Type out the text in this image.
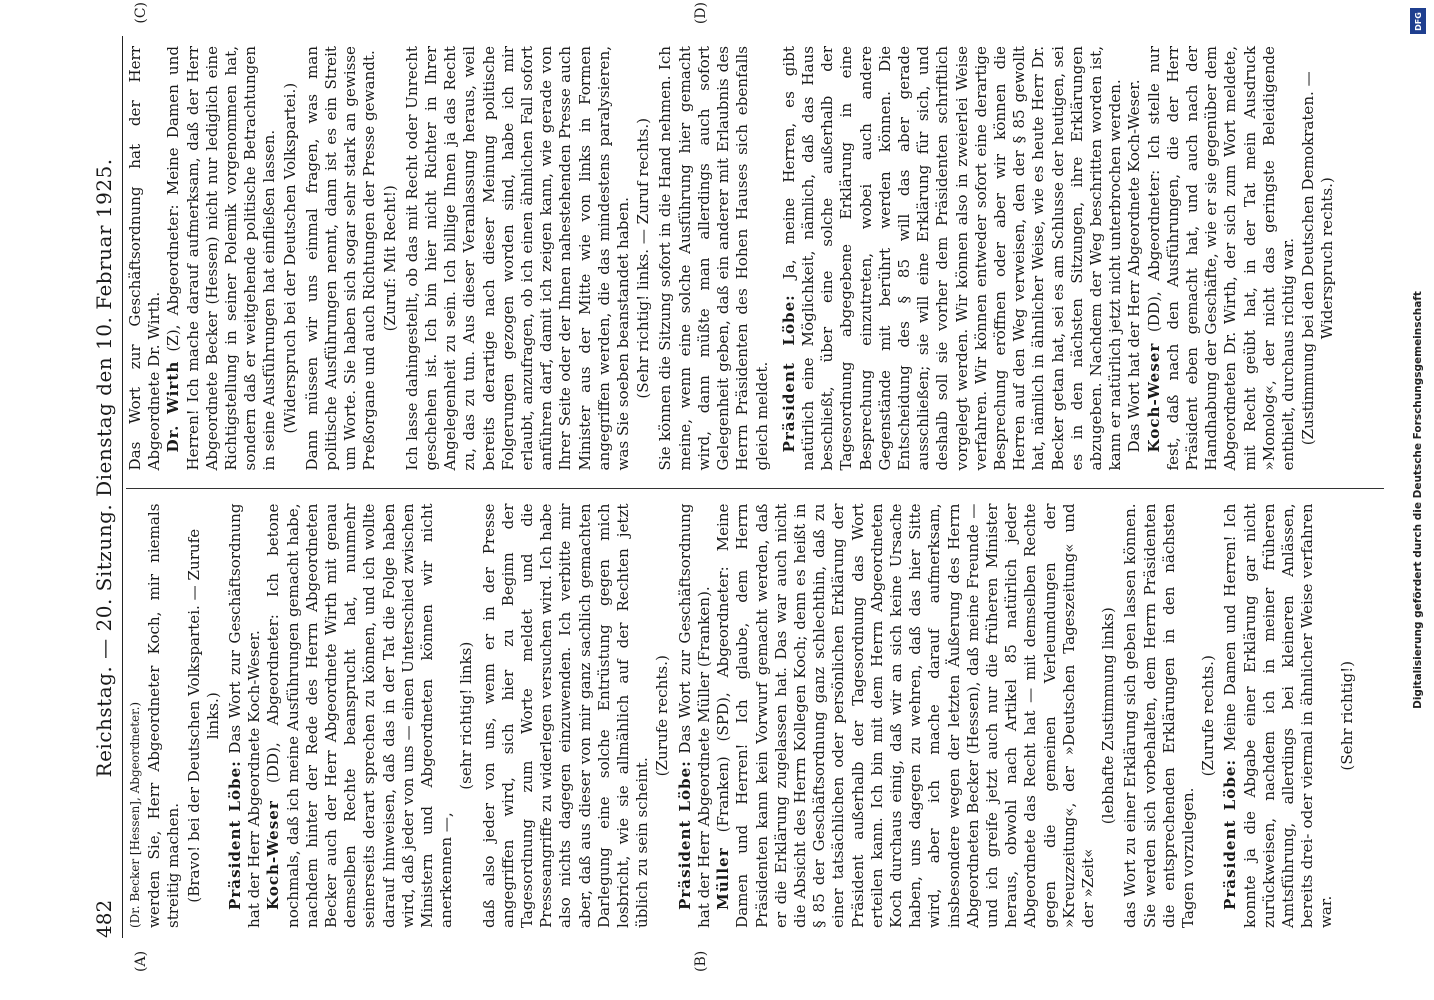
482
Reichstag. — 20. Sitzung. Dienstag den 10. Februar 1925.
(A)	(B)

(Dr. Becker [Hessen], Abgeordneter.) werden Sie, Herr Abgeordneter Koch, mir niemals streitig machen. (Bravo! bei der Deutschen Volkspartei. — Zurufe links.)

Präsident Löbe: Das Wort zur Geschäftsordnung hat der Herr Abgeordnete Koch-Weser. Koch-Weser (DD), Abgeordneter: Ich betone nochmals, daß ich meine Ausführungen gemacht habe, nachdem hinter der Rede des Herrn Abgeordneten Becker auch der Herr Abgeordnete Wirth mit genau demselben Rechte beansprucht hat, nunmehr seinerseits derart sprechen zu können, und ich wollte darauf hinweisen, daß das in der Tat die Folge haben wird, daß jeder von uns — einen Unterschied zwischen Ministern und Abgeordneten können wir nicht anerkennen —,

(sehr richtig! links) daß also jeder von uns, wenn er in der Presse angegriffen wird, sich hier zu Beginn der Tagesordnung zum Worte meldet und die Presseangriffe zu widerlegen versuchen wird. Ich habe also nichts dagegen einzuwenden. Ich verbitte mir aber, daß aus dieser von mir ganz sachlich gemachten Darlegung eine solche Entrüstung gegen mich losbricht, wie sie allmählich auf der Rechten jetzt üblich zu sein scheint.

(Zurufe rechts.)

Präsident Löbe: Das Wort zur Geschäftsordnung hat der Herr Abgeordnete Müller (Franken). Müller (Franken) (SPD), Abgeordneter: Meine Damen und Herren! Ich glaube, dem Herrn Präsidenten kann kein Vorwurf gemacht werden, daß er die Erklärung zugelassen hat. Das war auch nicht die Absicht des Herrn Kollegen Koch; denn es heißt in § 85 der Geschäftsordnung ganz schlechthin, daß zu einer tatsächlichen oder persönlichen Erklärung der Präsident außerhalb der Tagesordnung das Wort erteilen kann. Ich bin mit dem Herrn Abgeordneten Koch durchaus einig, daß wir an sich keine Ursache haben, uns dagegen zu wehren, daß das hier Sitte wird, aber ich mache darauf aufmerksam, insbesondere wegen der letzten Äußerung des Herrn Abgeordneten Becker (Hessen), daß meine Freunde — und ich greife jetzt auch nur die früheren Minister heraus, obwohl nach Artikel 85 natürlich jeder Abgeordnete das Recht hat — mit demselben Rechte gegen die gemeinen Verleumdungen der »Kreuzzeitung«, der »Deutschen Tageszeitung« und der »Zeit«

(lebhafte Zustimmung links) das Wort zu einer Erklärung sich geben lassen können. Sie werden sich vorbehalten, dem Herrn Präsidenten die entsprechenden Erklärungen in den nächsten Tagen vorzulegen.

(Zurufe rechts.)

Präsident Löbe: Meine Damen und Herren! Ich konnte ja die Abgabe einer Erklärung gar nicht zurückweisen, nachdem ich in meiner früheren Amtsführung, allerdings bei kleineren Anlässen, bereits drei- oder viermal in ähnlicher Weise verfahren war.

(Sehr richtig!)

(C)	(D)

Das Wort zur Geschäftsordnung hat der Herr Abgeordnete Dr. Wirth. Dr. Wirth (Z), Abgeordneter: Meine Damen und Herren! Ich mache darauf aufmerksam, daß der Herr Abgeordnete Becker (Hessen) nicht nur lediglich eine Richtigstellung in seiner Polemik vorgenommen hat, sondern daß er weitgehende politische Betrachtungen in seine Ausführungen hat einfließen lassen. (Widerspruch bei der Deutschen Volkspartei.) Dann müssen wir uns einmal fragen, was man politische Ausführungen nennt, dann ist es ein Streit um Worte. Sie haben sich sogar sehr stark an gewisse Preßorgane und auch Richtungen der Presse gewandt. (Zuruf: Mit Recht!) Ich lasse dahingestellt, ob das mit Recht oder Unrecht geschehen ist. Ich bin hier nicht Richter in Ihrer Angelegenheit zu sein. Ich billige Ihnen ja das Recht zu, das zu tun. Aus dieser Veranlassung heraus, weil bereits derartige nach dieser Meinung politische Folgerungen gezogen worden sind, habe ich mir erlaubt, anzufragen, ob ich einen ähnlichen Fall sofort anführen darf, damit ich zeigen kann, wie gerade von Ihrer Seite oder der Ihnen nahestehenden Presse auch Minister aus der Mitte wie von links in Formen angegriffen werden, die das mindestens paralysieren, was Sie soeben beanstandet haben. (Sehr richtig! links. — Zuruf rechts.) Sie können die Sitzung sofort in die Hand nehmen. Ich meine, wenn eine solche Ausführung hier gemacht wird, dann müßte man allerdings auch sofort Gelegenheit geben, daß ein anderer mit Erlaubnis des Herrn Präsidenten des Hohen Hauses sich ebenfalls gleich meldet. Präsident Löbe: Ja, meine Herren, es gibt natürlich eine Möglichkeit, nämlich, daß das Haus beschließt, über eine solche außerhalb der Tagesordnung abgegebene Erklärung in eine Besprechung einzutreten, wobei auch andere Gegenstände mit berührt werden können. Die Entscheidung des § 85 will das aber gerade ausschließen; sie will eine Erklärung für sich, und deshalb soll sie vorher dem Präsidenten schriftlich vorgelegt werden. Wir können also in zweierlei Weise verfahren. Wir können entweder sofort eine derartige Besprechung eröffnen oder aber wir können die Herren auf den Weg verweisen, den der § 85 gewollt hat, nämlich in ähnlicher Weise, wie es heute Herr Dr. Becker getan hat, sei es am Schlusse der heutigen, sei es in den nächsten Sitzungen, ihre Erklärungen abzugeben. Nachdem der Weg beschritten worden ist, kann er natürlich jetzt nicht unterbrochen werden. Das Wort hat der Herr Abgeordnete Koch-Weser. Koch-Weser (DD), Abgeordneter: Ich stelle nur fest, daß nach den Ausführungen, die der Herr Präsident eben gemacht hat, und auch nach der Handhabung der Geschäfte, wie er sie gegenüber dem Abgeordneten Dr. Wirth, der sich zum Wort meldete, mit Recht geübt hat, in der Tat mein Ausdruck »Monolog«, der nicht das geringste Beleidigende enthielt, durchaus richtig war. (Zustimmung bei den Deutschen Demokraten. — Widerspruch rechts.)

DFG
Digitalisierung gefördert durch die Deutsche Forschungsgemeinschaft
